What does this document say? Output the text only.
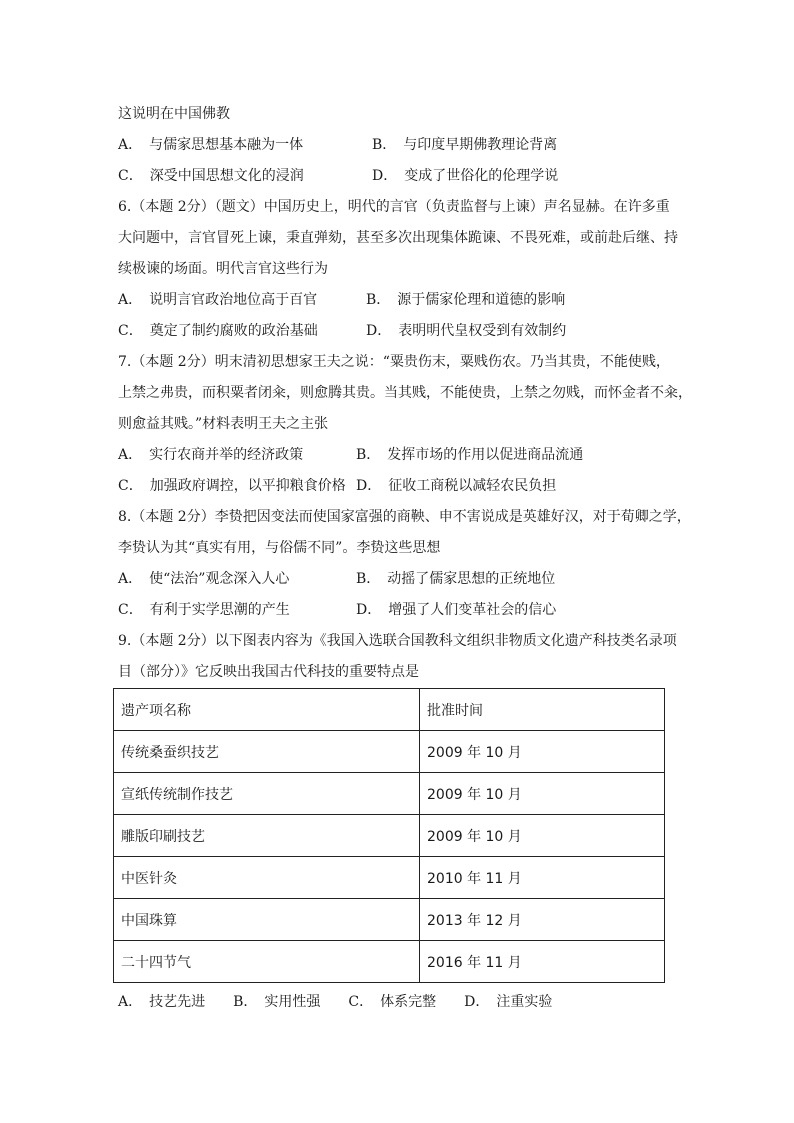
这说明在中国佛教
A．　与儒家思想基本融为一体	B．　与印度早期佛教理论背离
C．　深受中国思想文化的浸润	D．　变成了世俗化的伦理学说
6.（本题 2分）（题文）中国历史上，明代的言官（负责监督与上谏）声名显赫。在许多重
大问题中，言官冒死上谏，秉直弹劾，甚至多次出现集体跪谏、不畏死难，或前赴后继、持
续极谏的场面。明代言官这些行为
A．　说明言官政治地位高于百官	B．　源于儒家伦理和道德的影响
C．　奠定了制约腐败的政治基础	D．　表明明代皇权受到有效制约
7.（本题 2分）明末清初思想家王夫之说：“粟贵伤末，粟贱伤农。乃当其贵，不能使贱，
上禁之弗贵，而积粟者闭籴，则愈腾其贵。当其贱，不能使贵，上禁之勿贱，而怀金者不籴，
则愈益其贱。”材料表明王夫之主张
A．　实行农商并举的经济政策	B．　发挥市场的作用以促进商品流通
C．　加强政府调控，以平抑粮食价格 D．　征收工商税以减轻农民负担
8.（本题 2分）李贽把因变法而使国家富强的商鞅、申不害说成是英雄好汉，对于荀卿之学，
李贽认为其“真实有用，与俗儒不同”。李贽这些思想
A．　使“法治”观念深入人心	B．　动摇了儒家思想的正统地位
C．　有利于实学思潮的产生	D．　增强了人们变革社会的信心
9.（本题 2分）以下图表内容为《我国入选联合国教科文组织非物质文化遗产科技类名录项
目（部分）》它反映出我国古代科技的重要特点是
遗产项名称	批准时间
传统桑蚕织技艺	2009 年 10 月
宣纸传统制作技艺	2009 年 10 月
雕版印刷技艺	2009 年 10 月
中医针灸	2010 年 11 月
中国珠算	2013 年 12 月
二十四节气	2016 年 11 月
A．　技艺先进　　B．　实用性强　　C．　体系完整　　D．　注重实验
